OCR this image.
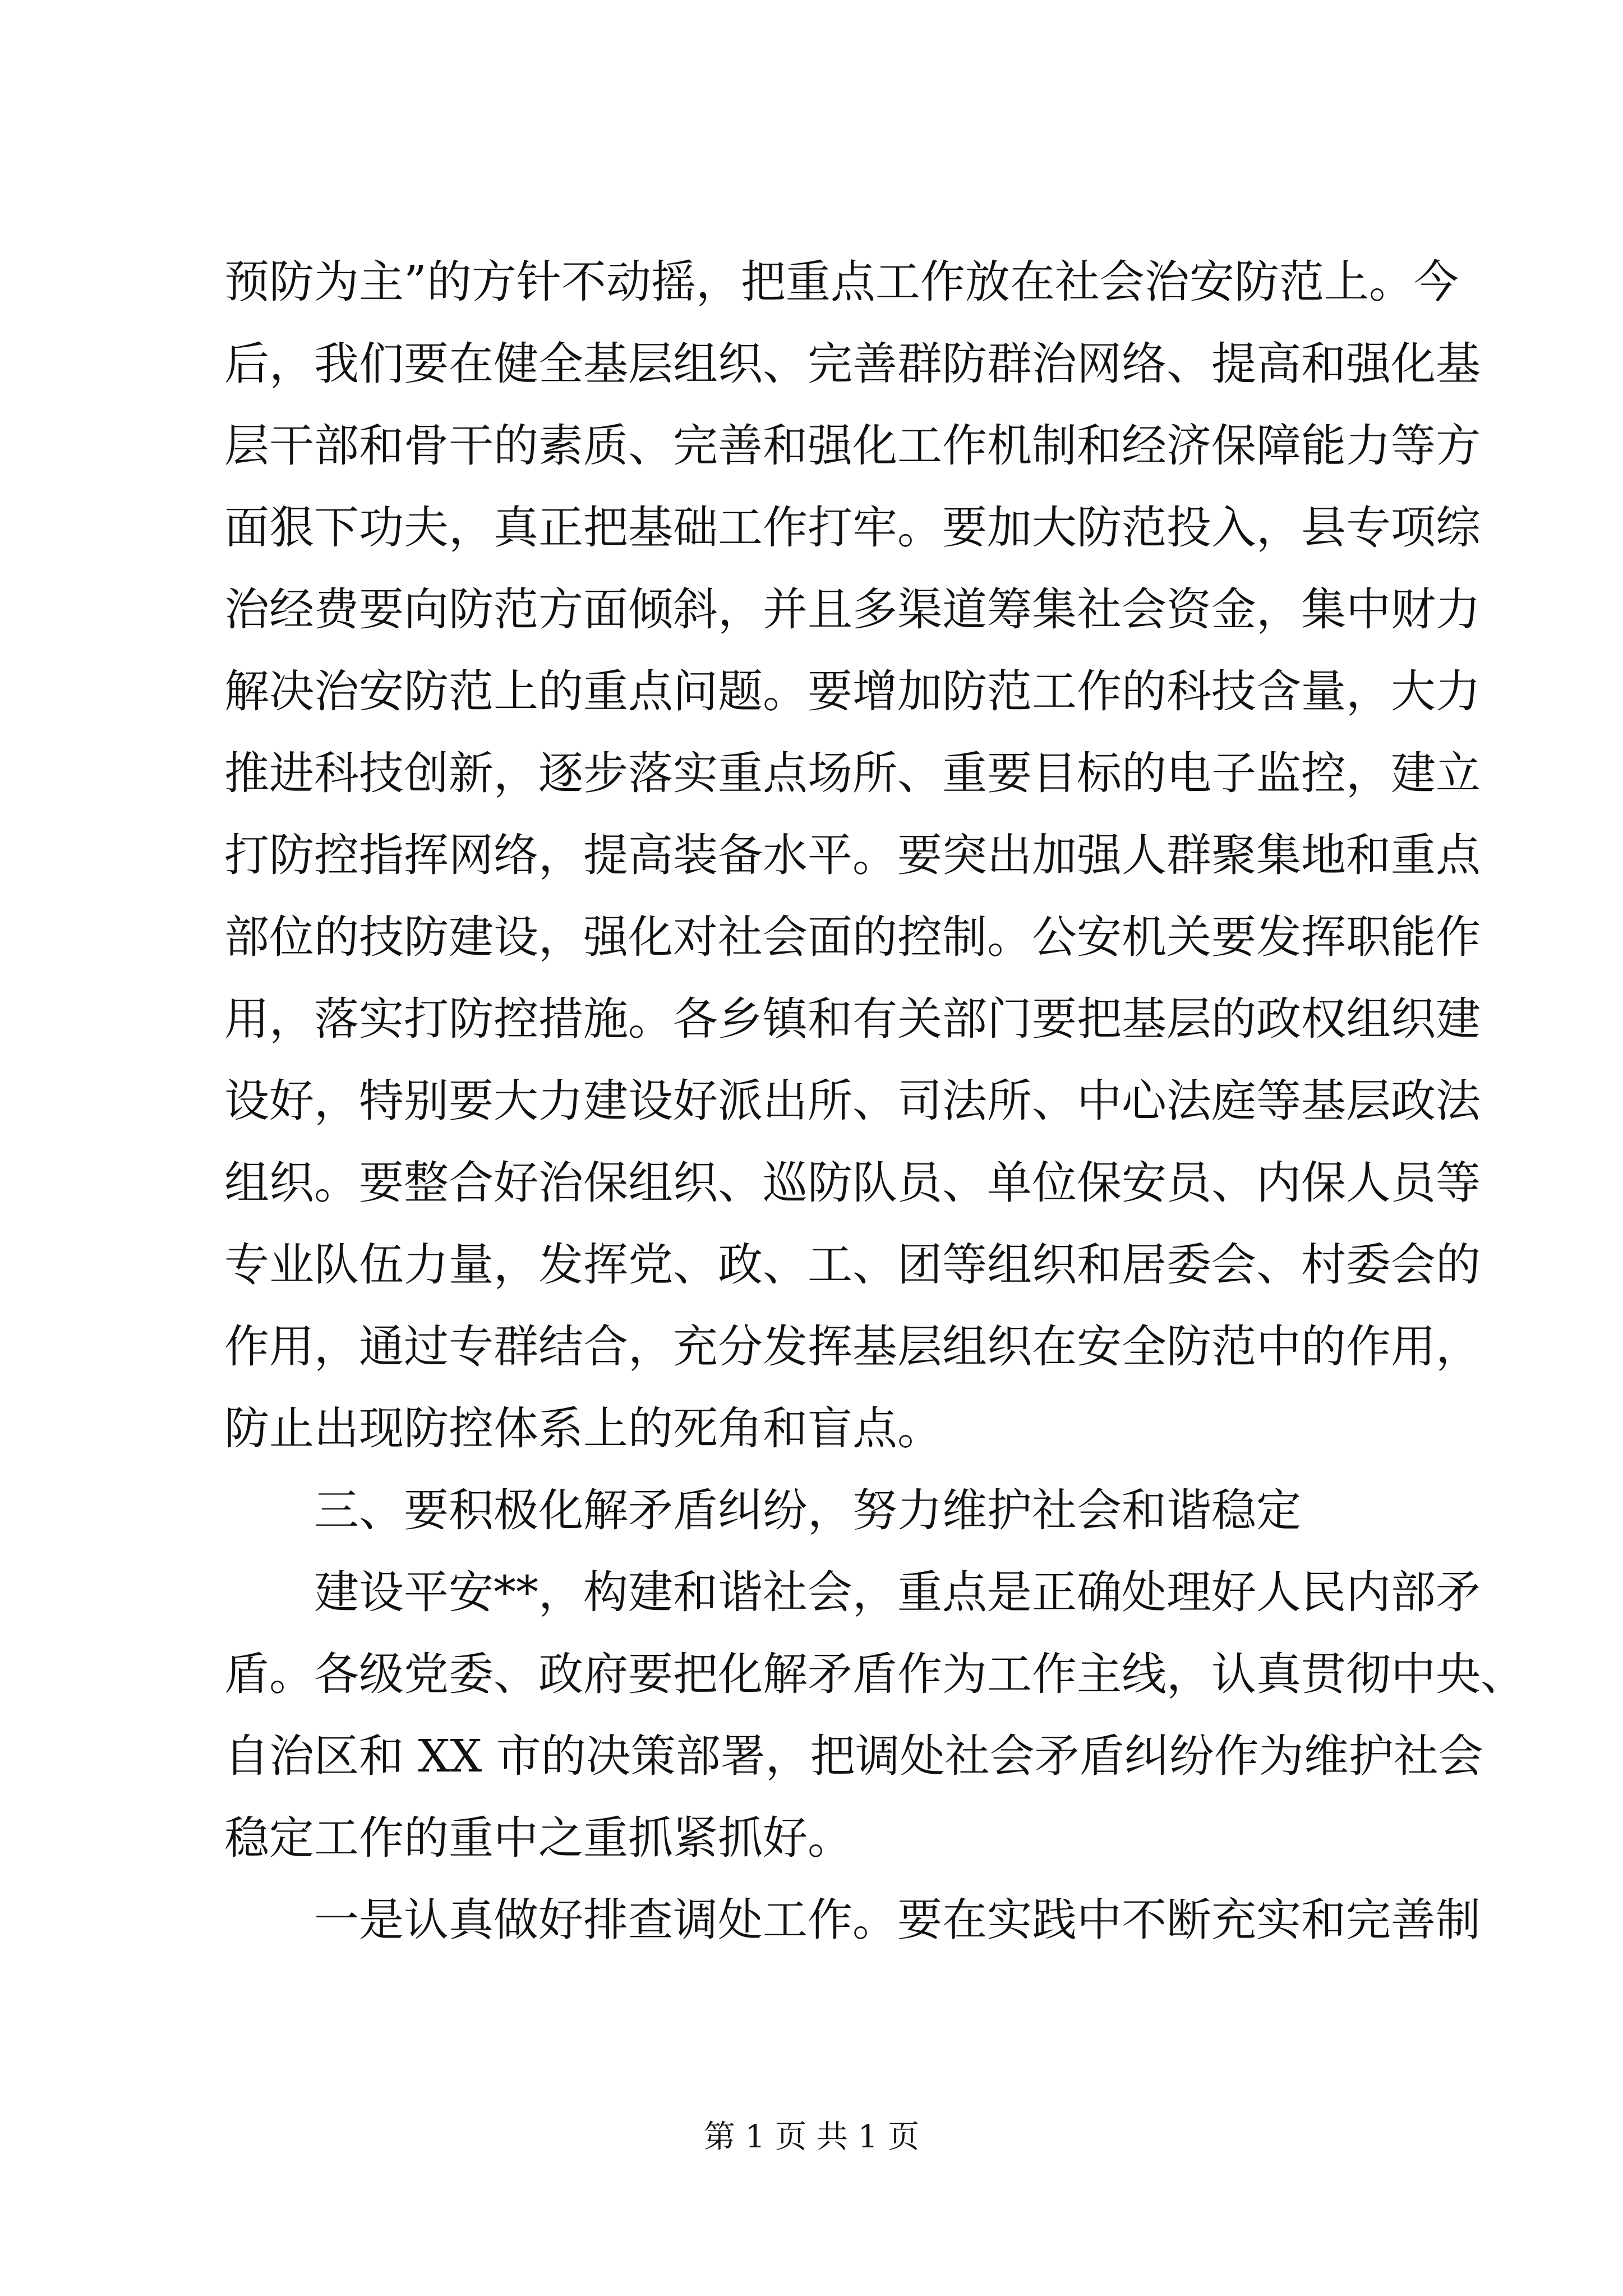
预防为主”的方针不动摇，把重点工作放在社会治安防范上。今
后，我们要在健全基层组织、完善群防群治网络、提高和强化基
层干部和骨干的素质、完善和强化工作机制和经济保障能力等方
面狠下功夫，真正把基础工作打牢。要加大防范投入，县专项综
治经费要向防范方面倾斜，并且多渠道筹集社会资金，集中财力
解决治安防范上的重点问题。要增加防范工作的科技含量，大力
推进科技创新，逐步落实重点场所、重要目标的电子监控，建立
打防控指挥网络，提高装备水平。要突出加强人群聚集地和重点
部位的技防建设，强化对社会面的控制。公安机关要发挥职能作
用，落实打防控措施。各乡镇和有关部门要把基层的政权组织建
设好，特别要大力建设好派出所、司法所、中心法庭等基层政法
组织。要整合好治保组织、巡防队员、单位保安员、内保人员等
专业队伍力量，发挥党、政、工、团等组织和居委会、村委会的
作用，通过专群结合，充分发挥基层组织在安全防范中的作用，
防止出现防控体系上的死角和盲点。
三、要积极化解矛盾纠纷，努力维护社会和谐稳定
建设平安**，构建和谐社会，重点是正确处理好人民内部矛
盾。各级党委、政府要把化解矛盾作为工作主线，认真贯彻中央、
自治区和 XX 市的决策部署，把调处社会矛盾纠纷作为维护社会
稳定工作的重中之重抓紧抓好。
一是认真做好排查调处工作。要在实践中不断充实和完善制
第 1 页 共 1 页
